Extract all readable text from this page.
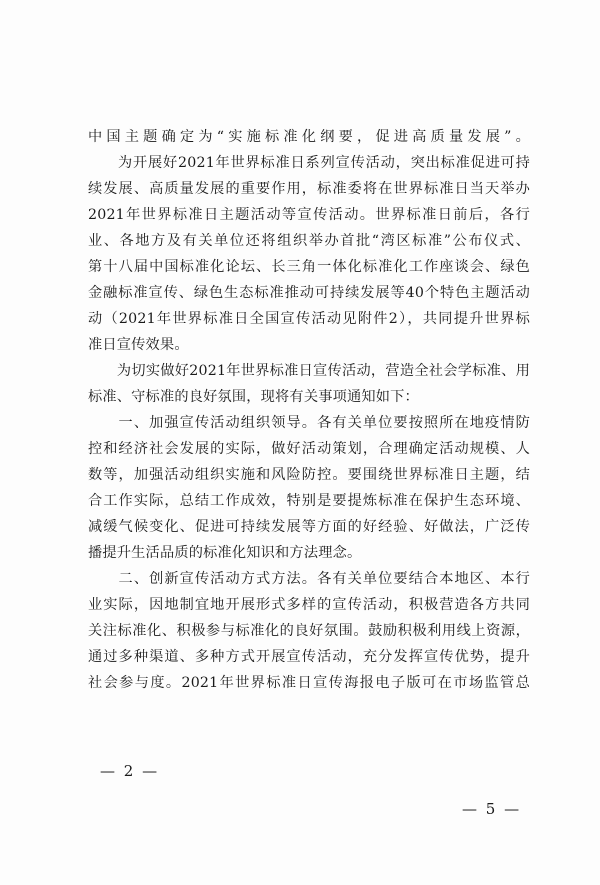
中国主题确定为“实施标准化纲要，促进高质量发展”。
　　为开展好2021年世界标准日系列宣传活动，突出标准促进可持
续发展、高质量发展的重要作用，标准委将在世界标准日当天举办
2021年世界标准日主题活动等宣传活动。世界标准日前后，各行
业、各地方及有关单位还将组织举办首批“湾区标准”公布仪式、
第十八届中国标准化论坛、长三角一体化标准化工作座谈会、绿色
金融标准宣传、绿色生态标准推动可持续发展等40个特色主题活动
动（2021年世界标准日全国宣传活动见附件2），共同提升世界标
准日宣传效果。
　　为切实做好2021年世界标准日宣传活动，营造全社会学标准、用
标准、守标准的良好氛围，现将有关事项通知如下：
　　一、加强宣传活动组织领导。各有关单位要按照所在地疫情防
控和经济社会发展的实际，做好活动策划，合理确定活动规模、人
数等，加强活动组织实施和风险防控。要围绕世界标准日主题，结
合工作实际，总结工作成效，特别是要提炼标准在保护生态环境、
减缓气候变化、促进可持续发展等方面的好经验、好做法，广泛传
播提升生活品质的标准化知识和方法理念。
　　二、创新宣传活动方式方法。各有关单位要结合本地区、本行
业实际，因地制宜地开展形式多样的宣传活动，积极营造各方共同
关注标准化、积极参与标准化的良好氛围。鼓励积极利用线上资源，
通过多种渠道、多种方式开展宣传活动，充分发挥宣传优势，提升
社会参与度。2021年世界标准日宣传海报电子版可在市场监管总
— 2 —
— 5 —
